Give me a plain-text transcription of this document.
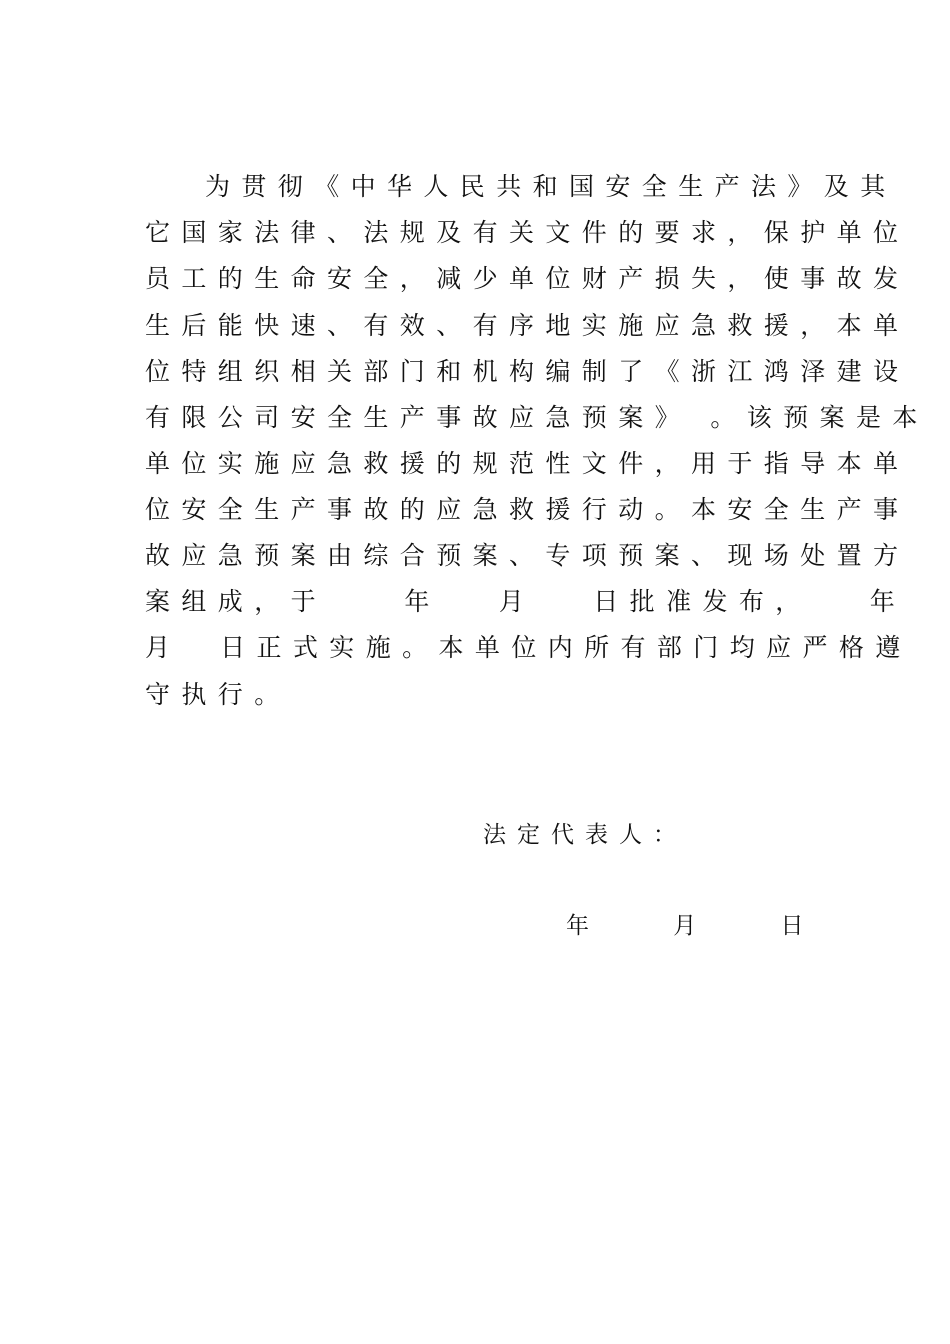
为贯彻《中华人民共和国安全生产法》及其
它国家法律、法规及有关文件的要求，保护单位
员工的生命安全，减少单位财产损失，使事故发
生后能快速、有效、有序地实施应急救援，本单
位特组织相关部门和机构编制了《浙江鸿泽建设
有限公司安全生产事故应急预案》 。该预案是本
单位实施应急救援的规范性文件，用于指导本单
位安全生产事故的应急救援行动。本安全生产事
故应急预案由综合预案、专项预案、现场处置方
案组成，于    年   月   日批准发布，   年
月  日正式实施。本单位内所有部门均应严格遵
守执行。
法定代表人：
年    月    日
